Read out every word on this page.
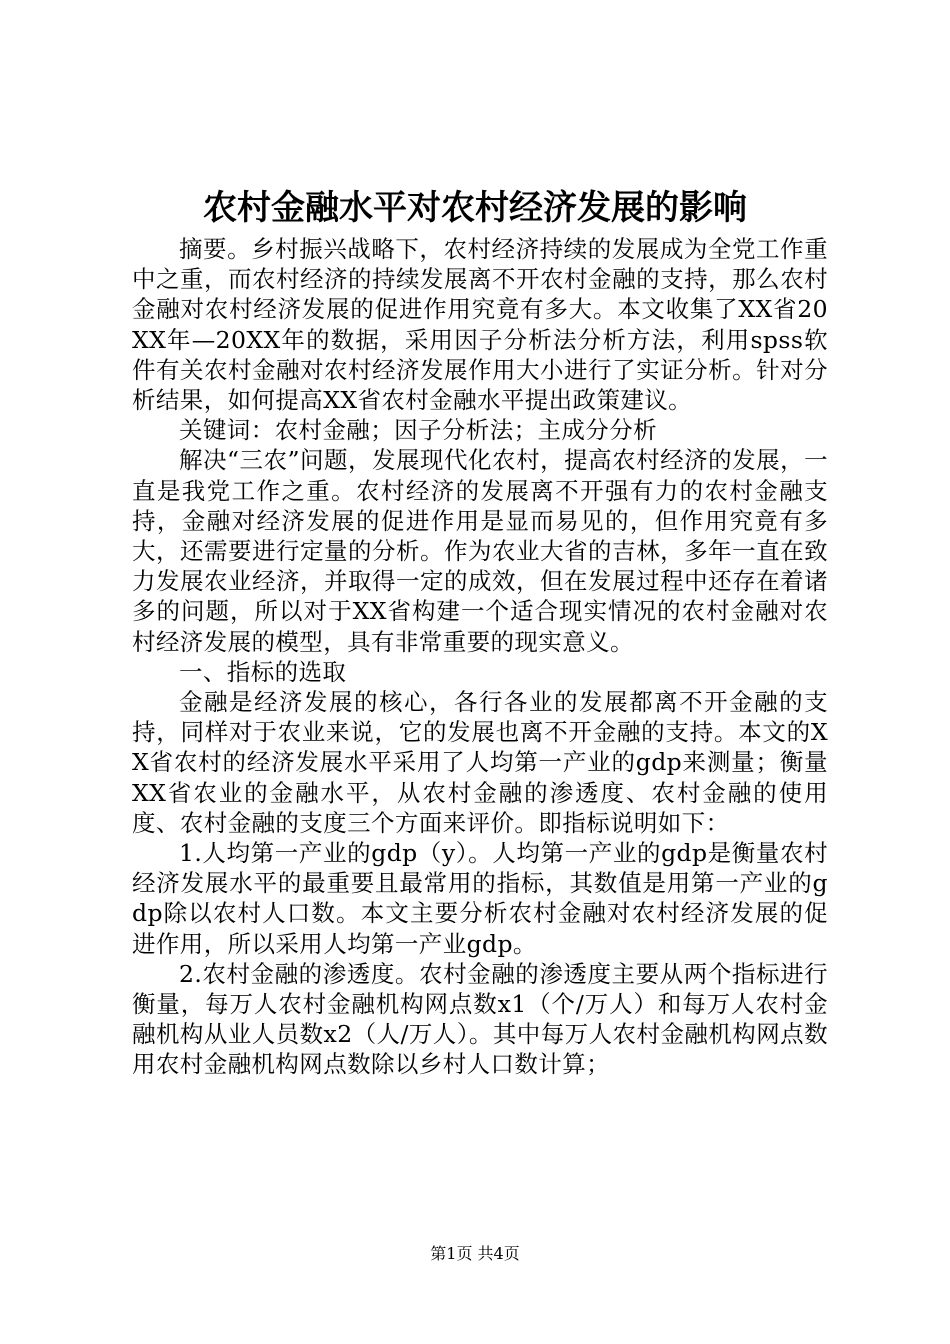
农村金融水平对农村经济发展的影响

摘要。乡村振兴战略下，农村经济持续的发展成为全党工作重中之重，而农村经济的持续发展离不开农村金融的支持，那么农村金融对农村经济发展的促进作用究竟有多大。本文收集了XX省20XX年—20XX年的数据，采用因子分析法分析方法，利用spss软件有关农村金融对农村经济发展作用大小进行了实证分析。针对分析结果，如何提高XX省农村金融水平提出政策建议。

关键词：农村金融；因子分析法；主成分分析

解决“三农”问题，发展现代化农村，提高农村经济的发展，一直是我党工作之重。农村经济的发展离不开强有力的农村金融支持，金融对经济发展的促进作用是显而易见的，但作用究竟有多大，还需要进行定量的分析。作为农业大省的吉林，多年一直在致力发展农业经济，并取得一定的成效，但在发展过程中还存在着诸多的问题，所以对于XX省构建一个适合现实情况的农村金融对农村经济发展的模型，具有非常重要的现实意义。

一、指标的选取

金融是经济发展的核心，各行各业的发展都离不开金融的支持，同样对于农业来说，它的发展也离不开金融的支持。本文的XX省农村的经济发展水平采用了人均第一产业的gdp来测量；衡量XX省农业的金融水平，从农村金融的渗透度、农村金融的使用度、农村金融的支度三个方面来评价。即指标说明如下：

1.人均第一产业的gdp（y）。人均第一产业的gdp是衡量农村经济发展水平的最重要且最常用的指标，其数值是用第一产业的gdp除以农村人口数。本文主要分析农村金融对农村经济发展的促进作用，所以采用人均第一产业gdp。

2.农村金融的渗透度。农村金融的渗透度主要从两个指标进行衡量，每万人农村金融机构网点数x1（个/万人）和每万人农村金融机构从业人员数x2（人/万人）。其中每万人农村金融机构网点数用农村金融机构网点数除以乡村人口数计算；

第1页 共4页
